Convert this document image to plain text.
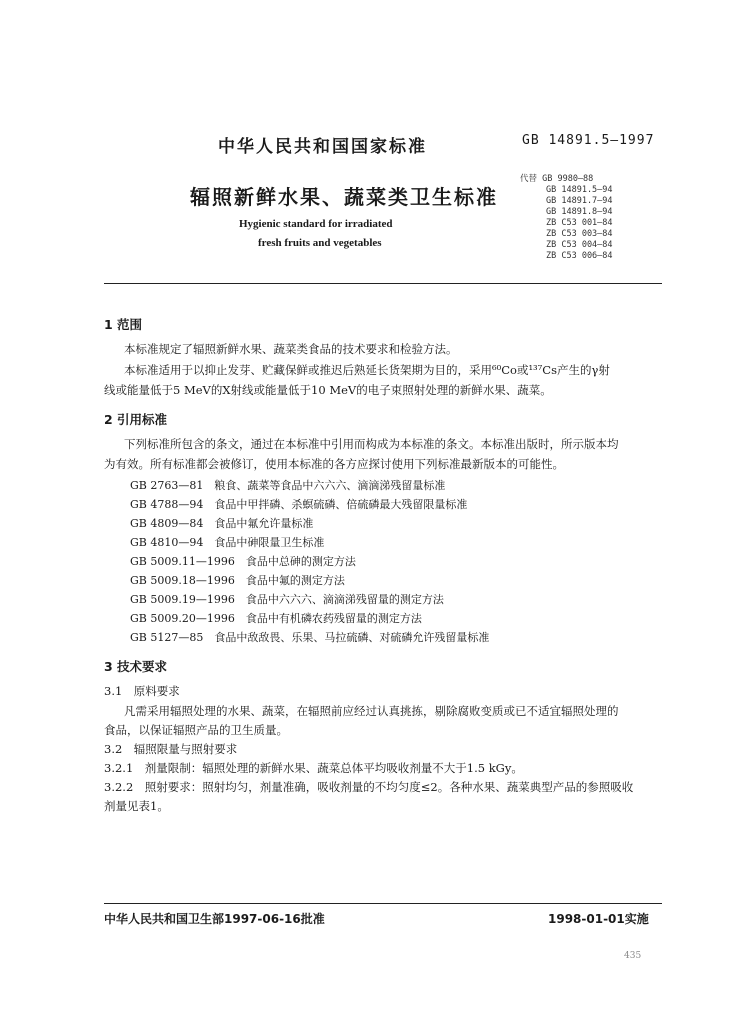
中华人民共和国国家标准	GB 14891.5—1997
辐照新鲜水果、蔬菜类卫生标准
Hygienic standard for irradiated
fresh fruits and vegetables
代替 GB 9980—88
GB 14891.5—94
GB 14891.7—94
GB 14891.8—94
ZB C53 001—84
ZB C53 003—84
ZB C53 004—84
ZB C53 006—84
1 范围
本标准规定了辐照新鲜水果、蔬菜类食品的技术要求和检验方法。
本标准适用于以抑止发芽、贮藏保鲜或推迟后熟延长货架期为目的，采用⁶⁰Co或¹³⁷Cs产生的γ射
线或能量低于5 MeV的X射线或能量低于10 MeV的电子束照射处理的新鲜水果、蔬菜。
2 引用标准
下列标准所包含的条文，通过在本标准中引用而构成为本标准的条文。本标准出版时，所示版本均
为有效。所有标准都会被修订，使用本标准的各方应探讨使用下列标准最新版本的可能性。
GB 2763—81　粮食、蔬菜等食品中六六六、滴滴涕残留量标准
GB 4788—94　食品中甲拌磷、杀螟硫磷、倍硫磷最大残留限量标准
GB 4809—84　食品中氟允许量标准
GB 4810—94　食品中砷限量卫生标准
GB 5009.11—1996　食品中总砷的测定方法
GB 5009.18—1996　食品中氟的测定方法
GB 5009.19—1996　食品中六六六、滴滴涕残留量的测定方法
GB 5009.20—1996　食品中有机磷农药残留量的测定方法
GB 5127—85　食品中敌敌畏、乐果、马拉硫磷、对硫磷允许残留量标准
3 技术要求
3.1　原料要求
凡需采用辐照处理的水果、蔬菜，在辐照前应经过认真挑拣，剔除腐败变质或已不适宜辐照处理的
食品，以保证辐照产品的卫生质量。
3.2　辐照限量与照射要求
3.2.1　剂量限制：辐照处理的新鲜水果、蔬菜总体平均吸收剂量不大于1.5 kGy。
3.2.2　照射要求：照射均匀，剂量准确，吸收剂量的不均匀度≤2。各种水果、蔬菜典型产品的参照吸收
剂量见表1。
中华人民共和国卫生部1997-06-16批准	1998-01-01实施
435
